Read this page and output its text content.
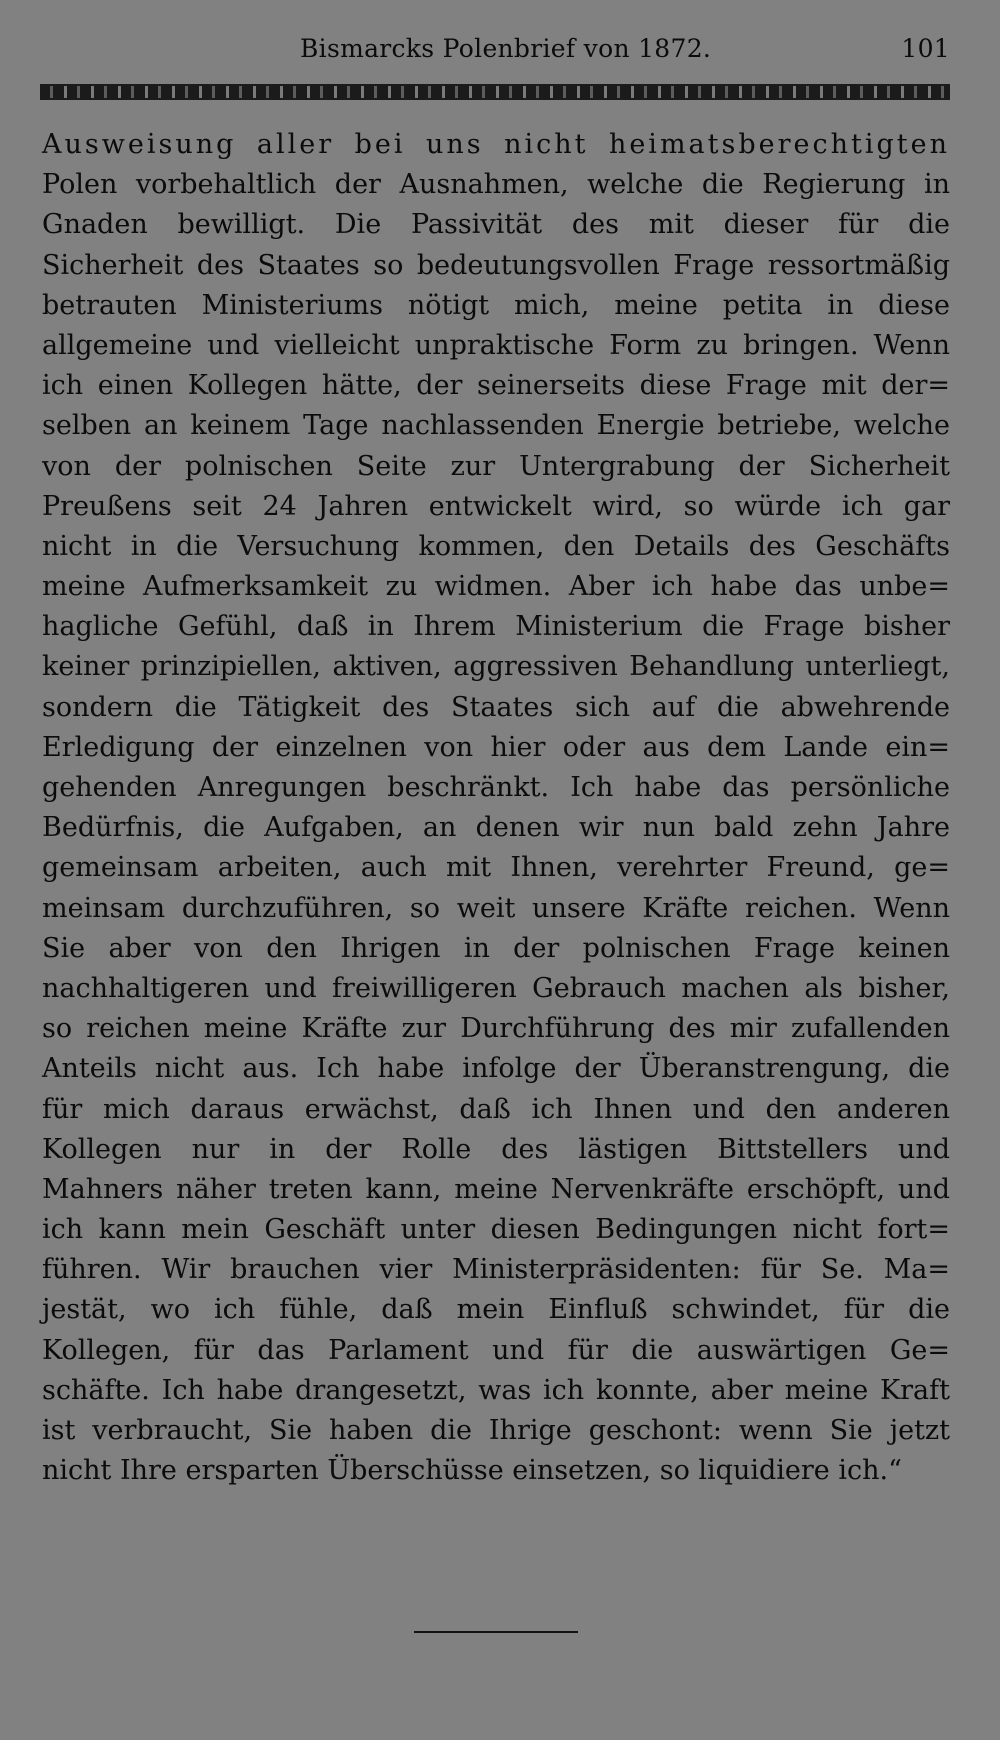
Bismarcks Polenbrief von 1872.	101
Ausweisung aller bei uns nicht heimatsberechtigten
Polen vorbehaltlich der Ausnahmen, welche die Regierung in
Gnaden bewilligt. Die Passivität des mit dieser für die
Sicherheit des Staates so bedeutungsvollen Frage ressortmäßig
betrauten Ministeriums nötigt mich, meine petita in diese
allgemeine und vielleicht unpraktische Form zu bringen. Wenn
ich einen Kollegen hätte, der seinerseits diese Frage mit der=
selben an keinem Tage nachlassenden Energie betriebe, welche
von der polnischen Seite zur Untergrabung der Sicherheit
Preußens seit 24 Jahren entwickelt wird, so würde ich gar
nicht in die Versuchung kommen, den Details des Geschäfts
meine Aufmerksamkeit zu widmen. Aber ich habe das unbe=
hagliche Gefühl, daß in Ihrem Ministerium die Frage bisher
keiner prinzipiellen, aktiven, aggressiven Behandlung unterliegt,
sondern die Tätigkeit des Staates sich auf die abwehrende
Erledigung der einzelnen von hier oder aus dem Lande ein=
gehenden Anregungen beschränkt. Ich habe das persönliche
Bedürfnis, die Aufgaben, an denen wir nun bald zehn Jahre
gemeinsam arbeiten, auch mit Ihnen, verehrter Freund, ge=
meinsam durchzuführen, so weit unsere Kräfte reichen. Wenn
Sie aber von den Ihrigen in der polnischen Frage keinen
nachhaltigeren und freiwilligeren Gebrauch machen als bisher,
so reichen meine Kräfte zur Durchführung des mir zufallenden
Anteils nicht aus. Ich habe infolge der Überanstrengung, die
für mich daraus erwächst, daß ich Ihnen und den anderen
Kollegen nur in der Rolle des lästigen Bittstellers und
Mahners näher treten kann, meine Nervenkräfte erschöpft, und
ich kann mein Geschäft unter diesen Bedingungen nicht fort=
führen. Wir brauchen vier Ministerpräsidenten: für Se. Ma=
jestät, wo ich fühle, daß mein Einfluß schwindet, für die
Kollegen, für das Parlament und für die auswärtigen Ge=
schäfte. Ich habe drangesetzt, was ich konnte, aber meine Kraft
ist verbraucht, Sie haben die Ihrige geschont: wenn Sie jetzt
nicht Ihre ersparten Überschüsse einsetzen, so liquidiere ich.“
